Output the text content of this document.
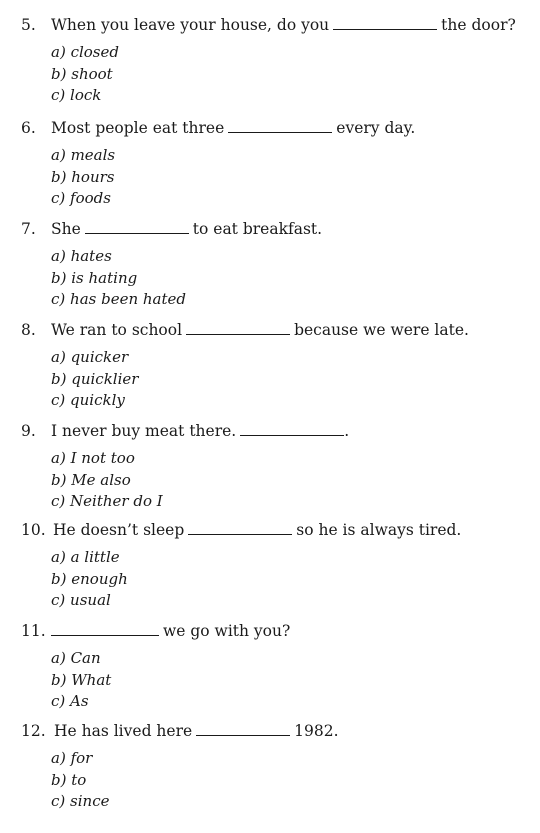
5. When you leave your house, do you	the door?
a) closed
b) shoot
c) lock
6. Most people eat three	every day.
a) meals
b) hours
c) foods
7. She	to eat breakfast.
a) hates
b) is hating
c) has been hated
8. We ran to school	because we were late.
a) quicker
b) quicklier
c) quickly
9. I never buy meat there.	.
a) I not too
b) Me also
c) Neither do I
10. He doesn’t sleep	so he is always tired.
a) a little
b) enough
c) usual
11.	we go with you?
a) Can
b) What
c) As
12. He has lived here	1982.
a) for
b) to
c) since
